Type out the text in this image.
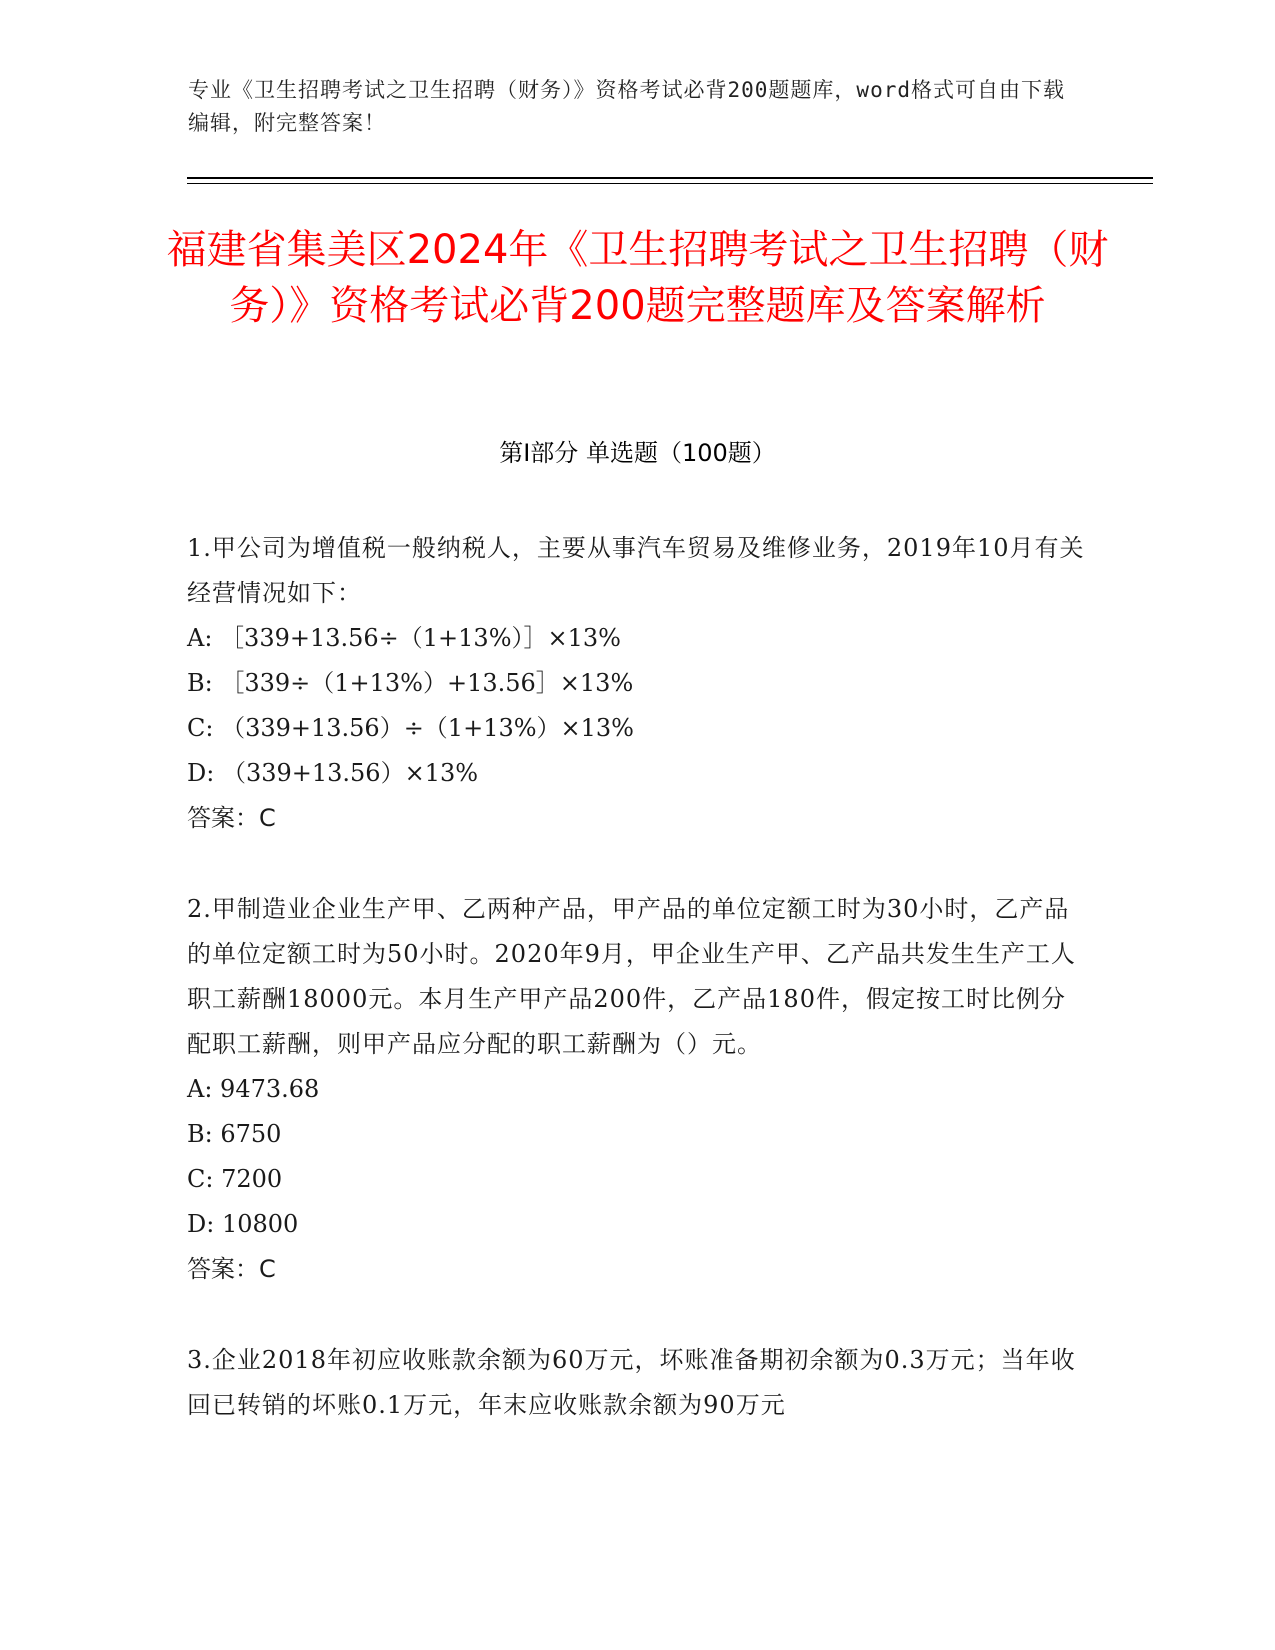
专业《卫生招聘考试之卫生招聘（财务）》资格考试必背200题题库，word格式可自由下载编辑，附完整答案！
福建省集美区2024年《卫生招聘考试之卫生招聘（财务）》资格考试必背200题完整题库及答案解析
第I部分 单选题（100题）

1.甲公司为增值税一般纳税人，主要从事汽车贸易及维修业务，2019年10月有关经营情况如下：

A: ［339+13.56÷（1+13%）］×13%

B: ［339÷（1+13%）+13.56］×13%

C: （339+13.56）÷（1+13%）×13%

D: （339+13.56）×13%

答案：C

2.甲制造业企业生产甲、乙两种产品，甲产品的单位定额工时为30小时，乙产品的单位定额工时为50小时。2020年9月，甲企业生产甲、乙产品共发生生产工人职工薪酬18000元。本月生产甲产品200件，乙产品180件，假定按工时比例分配职工薪酬，则甲产品应分配的职工薪酬为（）元。

A: 9473.68

B: 6750

C: 7200

D: 10800

答案：C

3.企业2018年初应收账款余额为60万元，坏账准备期初余额为0.3万元；当年收回已转销的坏账0.1万元，年末应收账款余额为90万元
